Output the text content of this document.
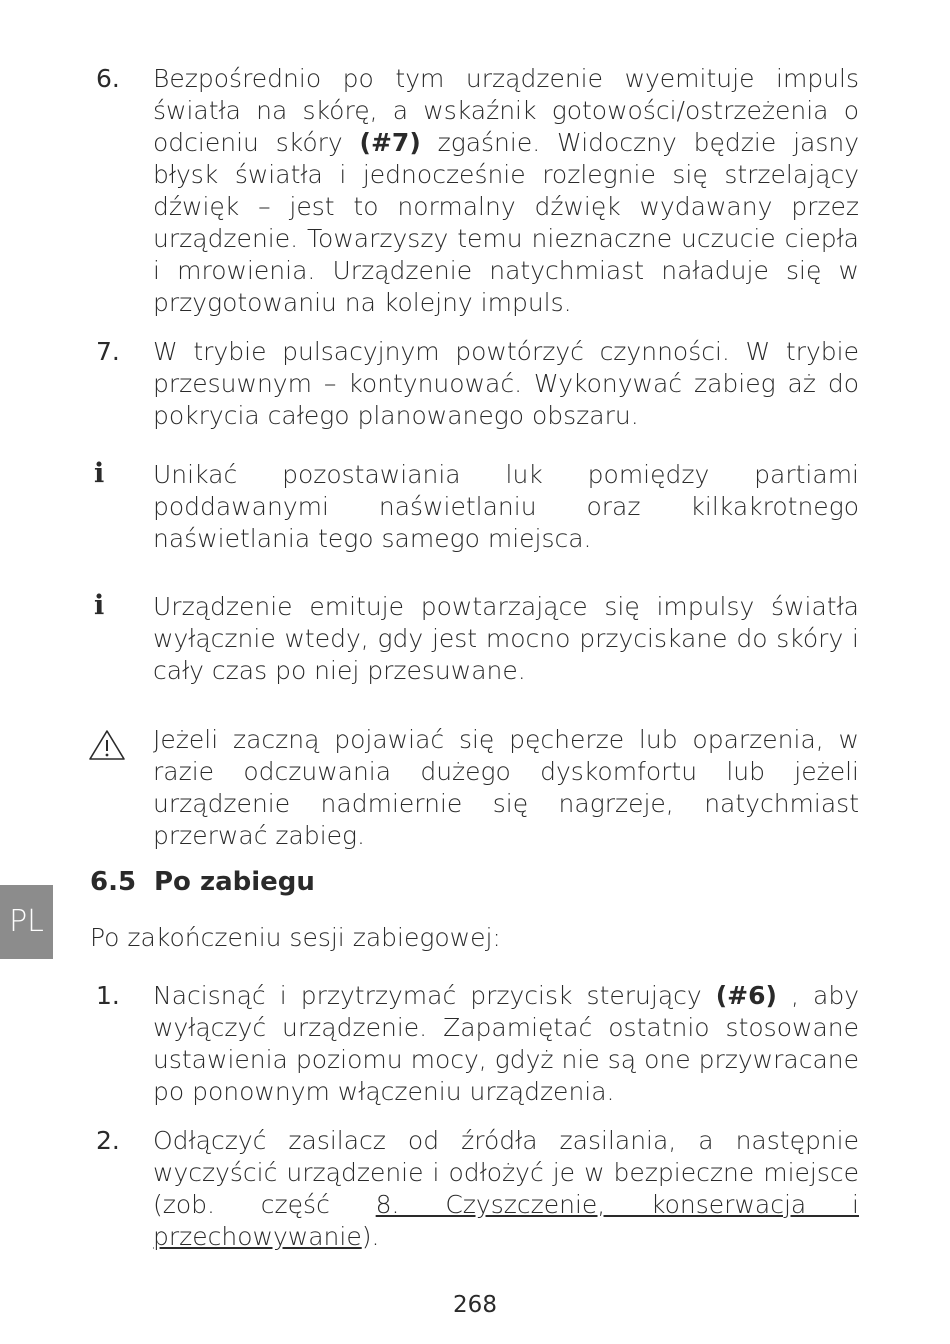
6. Bezpośrednio po tym urządzenie wyemituje impuls światła na skórę, a wskaźnik gotowości/ostrzeżenia o odcieniu skóry (#7) zgaśnie. Widoczny będzie jasny błysk światła i jednocześnie rozlegnie się strzelający dźwięk – jest to normalny dźwięk wydawany przez urządzenie. Towarzyszy temu nieznaczne uczucie ciepła i mrowienia. Urządzenie natychmiast naładuje się w przygotowaniu na kolejny impuls.
7. W trybie pulsacyjnym powtórzyć czynności. W trybie przesuwnym – kontynuować. Wykonywać zabieg aż do pokrycia całego planowanego obszaru.
i	Unikać pozostawiania luk pomiędzy partiami poddawanymi naświetlaniu oraz kilkakrotnego naświetlania tego samego miejsca.
i	Urządzenie emituje powtarzające się impulsy światła wyłącznie wtedy, gdy jest mocno przyciskane do skóry i cały czas po niej przesuwane.
Jeżeli zaczną pojawiać się pęcherze lub oparzenia, w razie odczuwania dużego dyskomfortu lub jeżeli urządzenie nadmiernie się nagrzeje, natychmiast przerwać zabieg.
6.5 Po zabiegu
Po zakończeniu sesji zabiegowej:
PL
1. Nacisnąć i przytrzymać przycisk sterujący (#6) , aby wyłączyć urządzenie. Zapamiętać ostatnio stosowane ustawienia poziomu mocy, gdyż nie są one przywracane po ponownym włączeniu urządzenia.
2. Odłączyć zasilacz od źródła zasilania, a następnie wyczyścić urządzenie i odłożyć je w bezpieczne miejsce (zob. część 8. Czyszczenie, konserwacja i przechowywanie).
268
